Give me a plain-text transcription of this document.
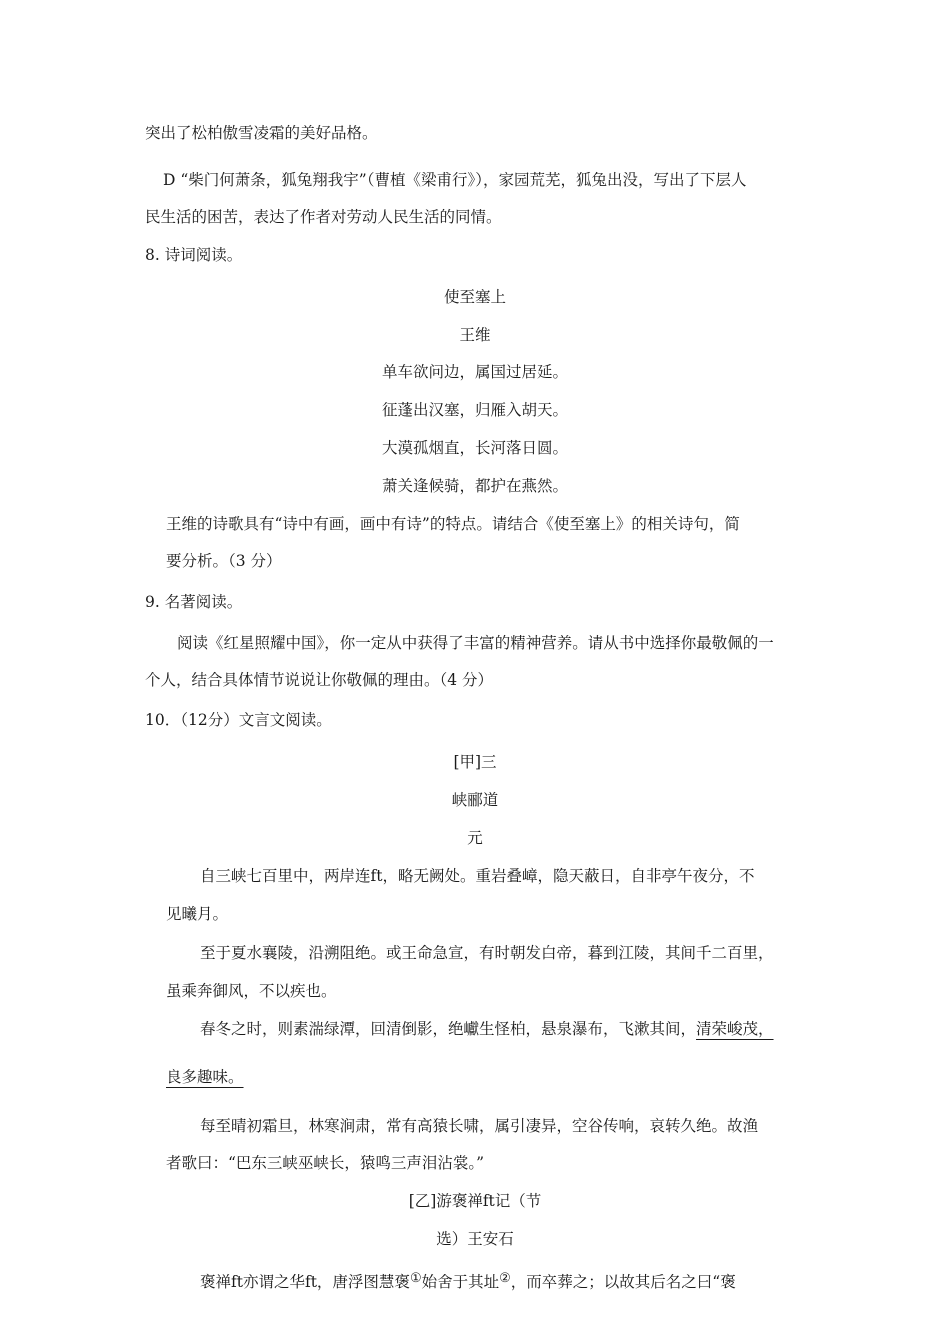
突出了松柏傲雪凌霜的美好品格。
D “柴门何萧条，狐兔翔我宇”（曹植《梁甫行》），家园荒芜，狐兔出没，写出了下层人
民生活的困苦，表达了作者对劳动人民生活的同情。
8. 诗词阅读。
使至塞上
王维
单车欲问边，属国过居延。
征蓬出汉塞，归雁入胡天。
大漠孤烟直，长河落日圆。
萧关逢候骑，都护在燕然。
王维的诗歌具有“诗中有画，画中有诗”的特点。请结合《使至塞上》的相关诗句，简
要分析。（3 分）
9. 名著阅读。
阅读《红星照耀中国》，你一定从中获得了丰富的精神营养。请从书中选择你最敬佩的一
个人，结合具体情节说说让你敬佩的理由。（4 分）
10．（12分）文言文阅读。
[甲]三
峡郦道
元
自三峡七百里中，两岸连ft，略无阙处。重岩叠嶂，隐天蔽日，自非亭午夜分，不
见曦月。
至于夏水襄陵，沿溯阻绝。或王命急宣，有时朝发白帝，暮到江陵，其间千二百里，
虽乘奔御风，不以疾也。
春冬之时，则素湍绿潭，回清倒影，绝巘生怪柏，悬泉瀑布，飞漱其间，清荣峻茂，
良多趣味。
每至晴初霜旦，林寒涧肃，常有高猿长啸，属引凄异，空谷传响，哀转久绝。故渔
者歌曰：“巴东三峡巫峡长，猿鸣三声泪沾裳。”
[乙]游褒禅ft记（节
选）王安石
褒禅ft亦谓之华ft，唐浮图慧褒①始舍于其址②，而卒葬之；以故其后名之曰“褒
